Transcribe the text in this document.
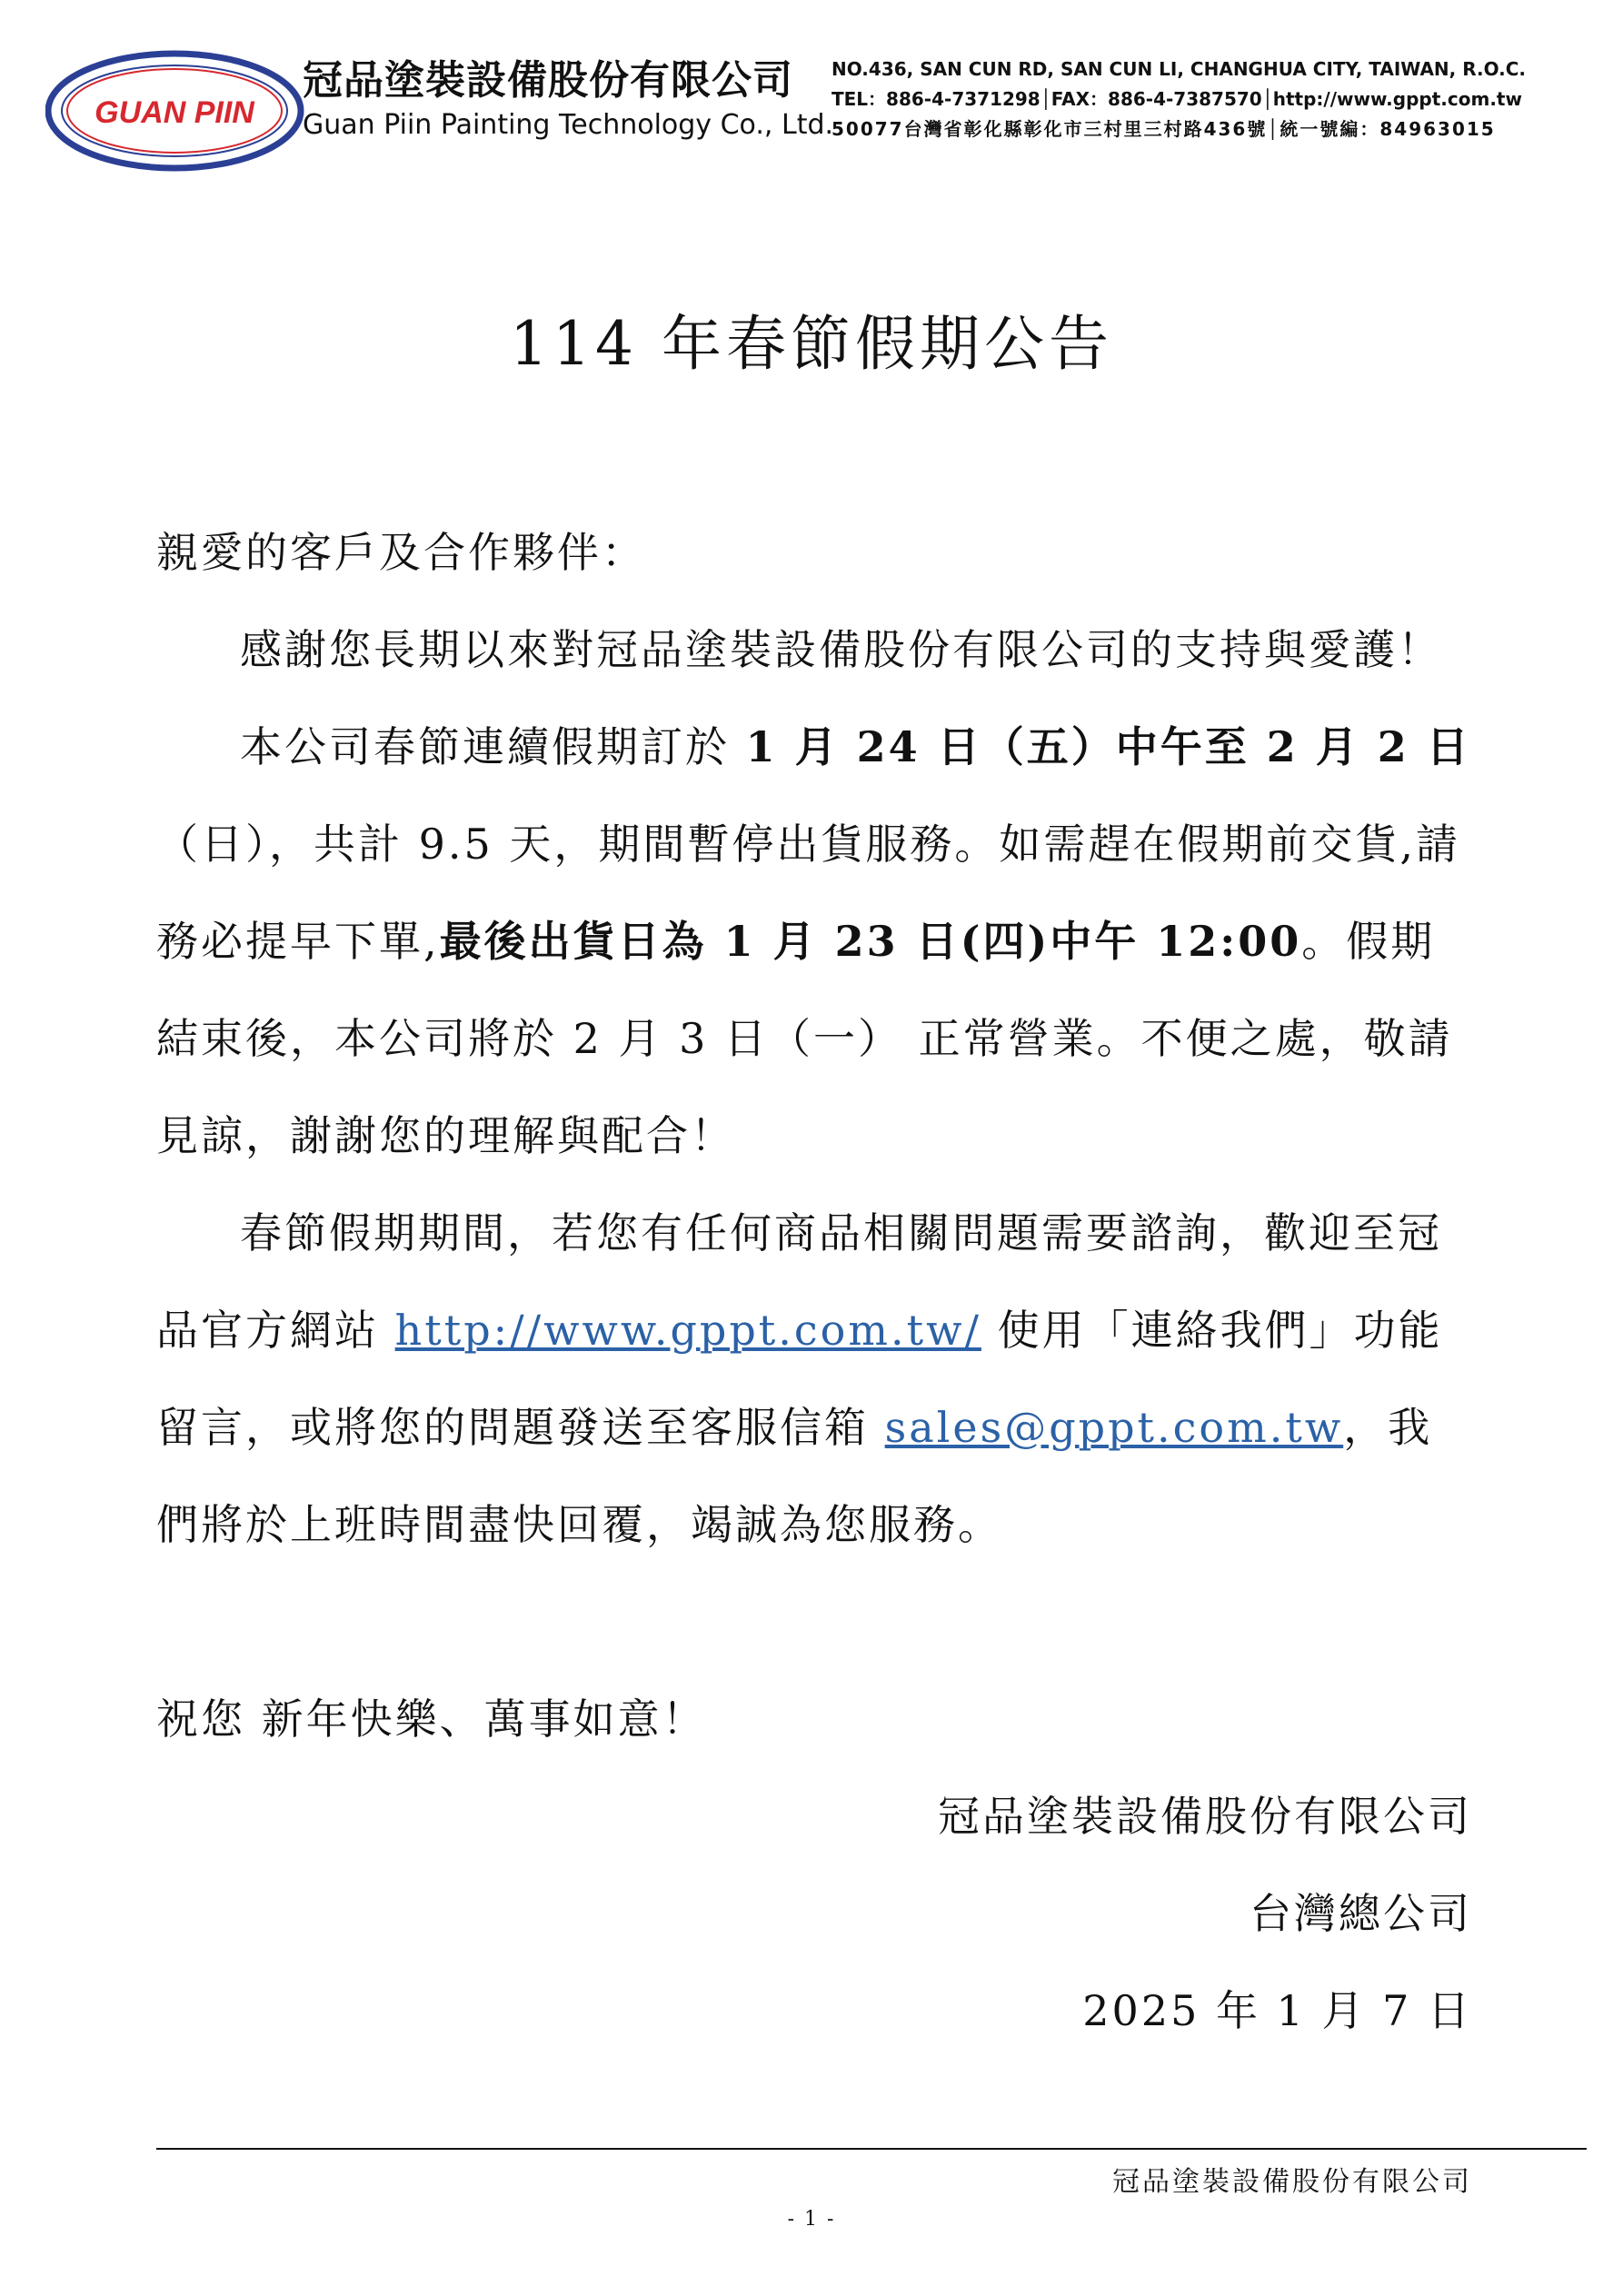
GUAN PIIN
冠品塗裝設備股份有限公司
Guan Piin Painting Technology Co., Ltd.
NO.436, SAN CUN RD, SAN CUN LI, CHANGHUA CITY, TAIWAN, R.O.C.
TEL：886-4-7371298│FAX：886-4-7387570│http://www.gppt.com.tw
50077台灣省彰化縣彰化市三村里三村路436號│統一號編：84963015
114 年春節假期公告

親愛的客戶及合作夥伴：

感謝您長期以來對冠品塗裝設備股份有限公司的支持與愛護！

本公司春節連續假期訂於 1 月 24 日（五）中午至 2 月 2 日（日），共計 9.5 天，期間暫停出貨服務。如需趕在假期前交貨,請務必提早下單,最後出貨日為 1 月 23 日(四)中午 12:00。假期結束後，本公司將於 2 月 3 日（一） 正常營業。不便之處，敬請見諒，謝謝您的理解與配合！

春節假期期間，若您有任何商品相關問題需要諮詢，歡迎至冠品官方網站 http://www.gppt.com.tw/ 使用「連絡我們」功能留言，或將您的問題發送至客服信箱 sales@gppt.com.tw，我們將於上班時間盡快回覆，竭誠為您服務。

祝您 新年快樂、萬事如意！

冠品塗裝設備股份有限公司

台灣總公司

2025 年 1 月 7 日

冠品塗裝設備股份有限公司
- 1 -
